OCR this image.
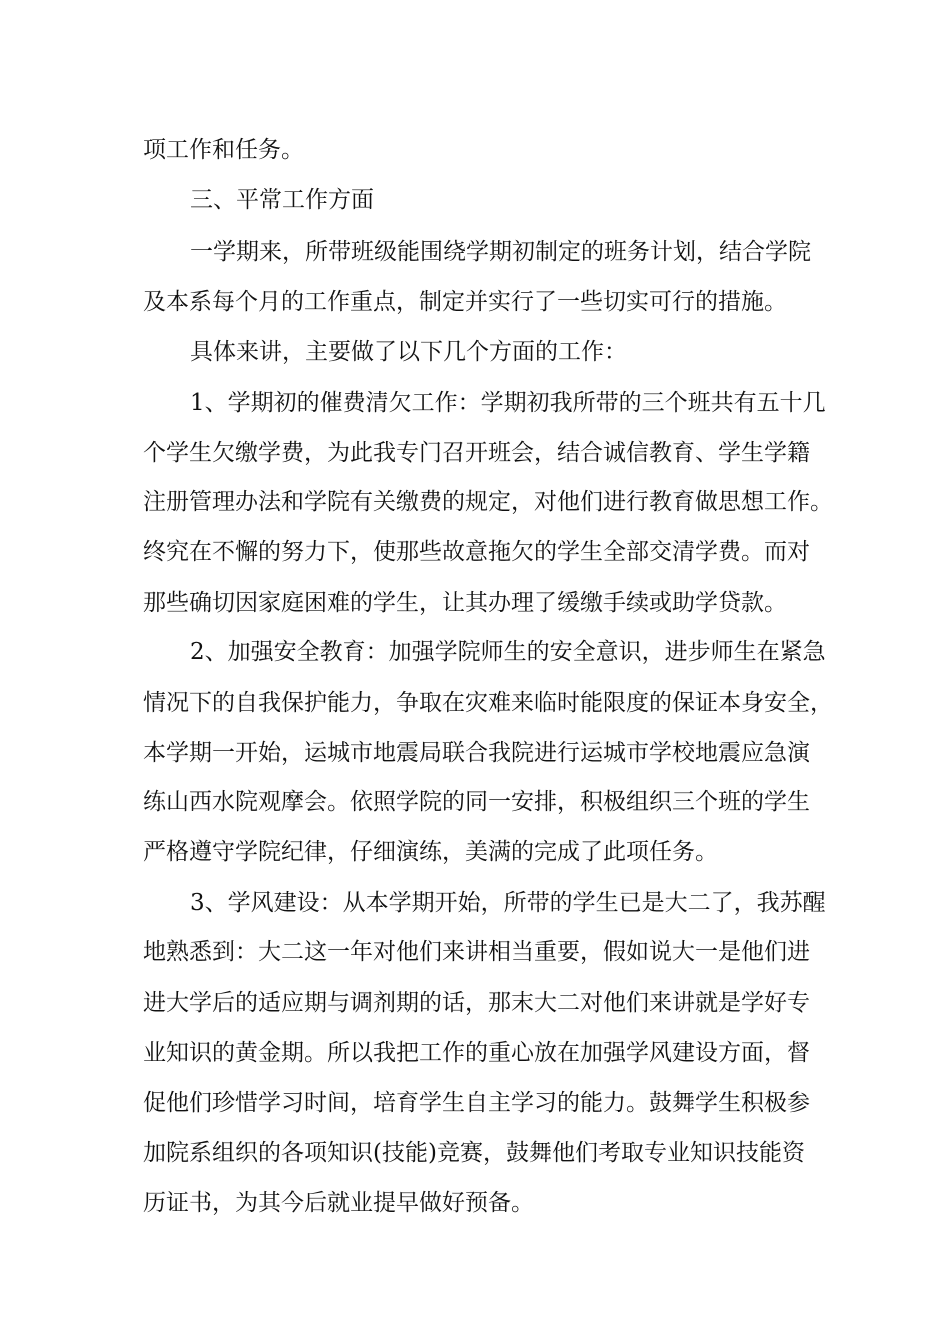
项工作和任务。
三、平常工作方面
一学期来，所带班级能围绕学期初制定的班务计划，结合学院
及本系每个月的工作重点，制定并实行了一些切实可行的措施。
具体来讲，主要做了以下几个方面的工作：
1、学期初的催费清欠工作：学期初我所带的三个班共有五十几
个学生欠缴学费，为此我专门召开班会，结合诚信教育、学生学籍
注册管理办法和学院有关缴费的规定，对他们进行教育做思想工作。
终究在不懈的努力下，使那些故意拖欠的学生全部交清学费。而对
那些确切因家庭困难的学生，让其办理了缓缴手续或助学贷款。
2、加强安全教育：加强学院师生的安全意识，进步师生在紧急
情况下的自我保护能力，争取在灾难来临时能限度的保证本身安全，
本学期一开始，运城市地震局联合我院进行运城市学校地震应急演
练山西水院观摩会。依照学院的同一安排，积极组织三个班的学生
严格遵守学院纪律，仔细演练，美满的完成了此项任务。
3、学风建设：从本学期开始，所带的学生已是大二了，我苏醒
地熟悉到：大二这一年对他们来讲相当重要，假如说大一是他们进
进大学后的适应期与调剂期的话，那末大二对他们来讲就是学好专
业知识的黄金期。所以我把工作的重心放在加强学风建设方面，督
促他们珍惜学习时间，培育学生自主学习的能力。鼓舞学生积极参
加院系组织的各项知识(技能)竞赛，鼓舞他们考取专业知识技能资
历证书，为其今后就业提早做好预备。
